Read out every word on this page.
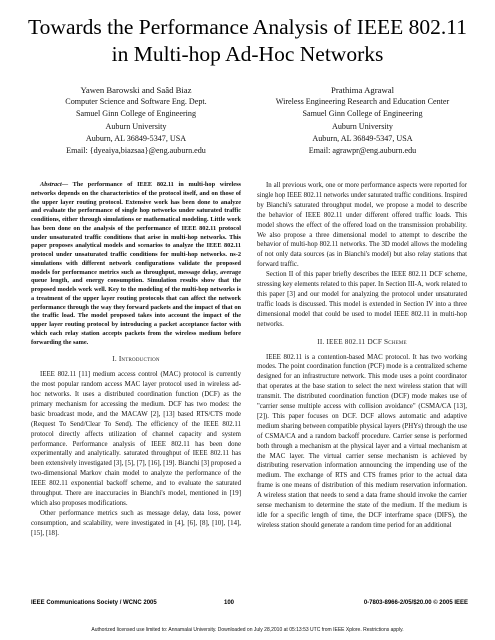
Towards the Performance Analysis of IEEE 802.11
in Multi-hop Ad-Hoc Networks
Yawen Barowski and Saâd Biaz
Computer Science and Software Eng. Dept.
Samuel Ginn College of Engineering
Auburn University
Auburn, AL 36849-5347, USA
Email: {dyeaiya,biazsaa}@eng.auburn.edu
Prathima Agrawal
Wireless Engineering Research and Education Center
Samuel Ginn College of Engineering
Auburn University
Auburn, AL 36849-5347, USA
Email: agrawpr@eng.auburn.edu

Abstract— The performance of IEEE 802.11 in multi-hop wireless networks depends on the characteristics of the protocol itself, and on those of the upper layer routing protocol. Extensive work has been done to analyze and evaluate the performance of single hop networks under saturated traffic conditions, either through simulations or mathematical modeling. Little work has been done on the analysis of the performance of IEEE 802.11 protocol under unsaturated traffic conditions that arise in multi-hop networks. This paper proposes analytical models and scenarios to analyze the IEEE 802.11 protocol under unsaturated traffic conditions for multi-hop networks. ns-2 simulations with different network configurations validate the proposed models for performance metrics such as throughput, message delay, average queue length, and energy consumption. Simulation results show that the proposed models work well. Key to the modeling of the multi-hop networks is a treatment of the upper layer routing protocols that can affect the network performance through the way they forward packets and the impact of that on the traffic load. The model proposed takes into account the impact of the upper layer routing protocol by introducing a packet acceptance factor with which each relay station accepts packets from the wireless medium before forwarding the same.

I. Introduction

IEEE 802.11 [11] medium access control (MAC) protocol is currently the most popular random access MAC layer protocol used in wireless ad-hoc networks. It uses a distributed coordination function (DCF) as the primary mechanism for accessing the medium. DCF has two modes: the basic broadcast mode, and the MACAW [2], [13] based RTS/CTS mode (Request To Send/Clear To Send). The efficiency of the IEEE 802.11 protocol directly affects utilization of channel capacity and system performance. Performance analysis of IEEE 802.11 has been done experimentally and analytically. saturated throughput of IEEE 802.11 has been extensively investigated [3], [5], [7], [16], [19]. Bianchi [3] proposed a two-dimensional Markov chain model to analyze the performance of the IEEE 802.11 exponential backoff scheme, and to evaluate the saturated throughput. There are inaccuracies in Bianchi's model, mentioned in [19] which also proposes modifications.

Other performance metrics such as message delay, data loss, power consumption, and scalability, were investigated in [4], [6], [8], [10], [14], [15], [18].

In all previous work, one or more performance aspects were reported for single hop IEEE 802.11 networks under saturated traffic conditions. Inspired by Bianchi's saturated throughput model, we propose a model to describe the behavior of IEEE 802.11 under different offered traffic loads. This model shows the effect of the offered load on the transmission probability. We also propose a three dimensional model to attempt to describe the behavior of multi-hop 802.11 networks. The 3D model allows the modeling of not only data sources (as in Bianchi's model) but also relay stations that forward traffic.

Section II of this paper briefly describes the IEEE 802.11 DCF scheme, stressing key elements related to this paper. In Section III-A, work related to this paper [3] and our model for analyzing the protocol under unsaturated traffic loads is discussed. This model is extended in Section IV into a three dimensional model that could be used to model IEEE 802.11 in multi-hop networks.

II. IEEE 802.11 DCF Scheme

IEEE 802.11 is a contention-based MAC protocol. It has two working modes. The point coordination function (PCF) mode is a centralized scheme designed for an infrastructure network. This mode uses a point coordinator that operates at the base station to select the next wireless station that will transmit. The distributed coordination function (DCF) mode makes use of "carrier sense multiple access with collision avoidance" (CSMA/CA [13], [2]). This paper focuses on DCF. DCF allows automatic and adaptive medium sharing between compatible physical layers (PHYs) through the use of CSMA/CA and a random backoff procedure. Carrier sense is performed both through a mechanism at the physical layer and a virtual mechanism at the MAC layer. The virtual carrier sense mechanism is achieved by distributing reservation information announcing the impending use of the medium. The exchange of RTS and CTS frames prior to the actual data frame is one means of distribution of this medium reservation information. A wireless station that needs to send a data frame should invoke the carrier sense mechanism to determine the state of the medium. If the medium is idle for a specific length of time, the DCF interframe space (DIFS), the wireless station should generate a random time period for an additional

IEEE Communications Society / WCNC 2005	100	0-7803-8966-2/05/$20.00 © 2005 IEEE
Authorized licensed use limited to: Annamalai University. Downloaded on July 28,2010 at 05:13:53 UTC from IEEE Xplore. Restrictions apply.
